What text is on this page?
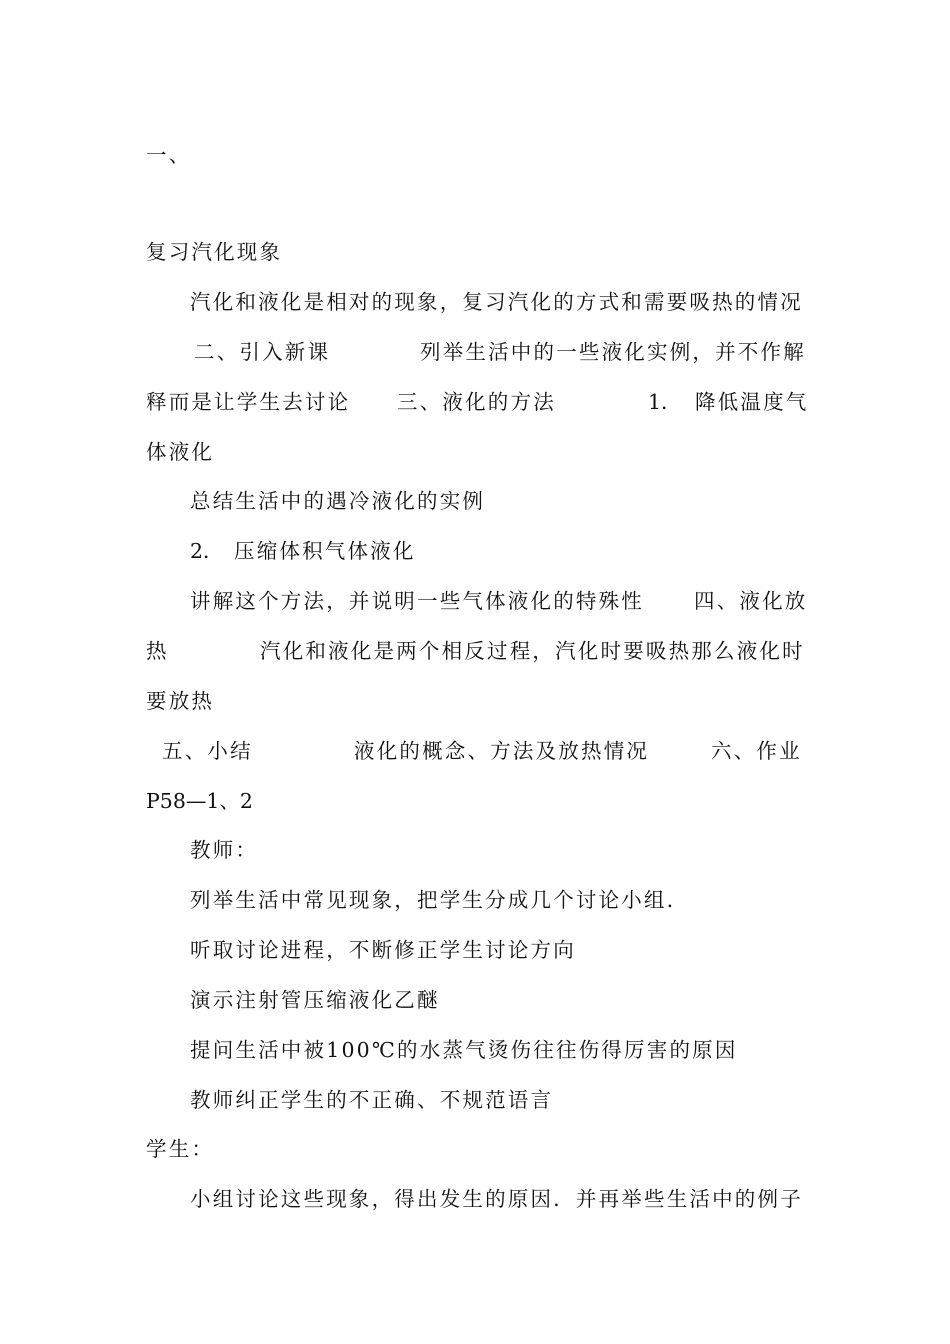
一、
复习汽化现象
汽化和液化是相对的现象，复习汽化的方式和需要吸热的情况
二、引入新课	列举生活中的一些液化实例，并不作解
释而是让学生去讨论 三、液化的方法	1． 降低温度气
体液化
总结生活中的遇冷液化的实例
2． 压缩体积气体液化
讲解这个方法，并说明一些气体液化的特殊性 四、液化放
热	汽化和液化是两个相反过程，汽化时要吸热那么液化时
要放热
五、小结	液化的概念、方法及放热情况	六、作业
P58—1、2
教师：
列举生活中常见现象，把学生分成几个讨论小组．
听取讨论进程，不断修正学生讨论方向
演示注射管压缩液化乙醚
提问生活中被100℃的水蒸气烫伤往往伤得厉害的原因
教师纠正学生的不正确、不规范语言
学生：
小组讨论这些现象，得出发生的原因．并再举些生活中的例子
